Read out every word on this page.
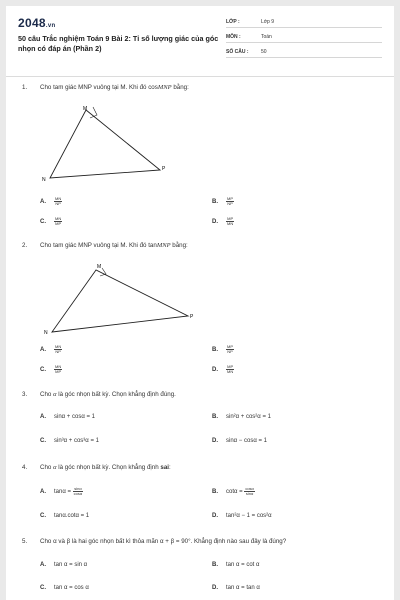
2048.vn
50 câu Trắc nghiệm Toán 9 Bài 2: Tỉ số lượng giác của góc
nhọn có đáp án (Phần 2)
LỚP :	Lớp 9
MÔN :	Toán
SỐ CÂU :	50
1. Cho tam giác MNP vuông tại M. Khi đó cosMNP bằng:
M
N
P
A. $\frac{MN}{NP}$	B. $\frac{MP}{NP}$
C. $\frac{MN}{MP}$	D. $\frac{MP}{MN}$
2. Cho tam giác MNP vuông tại M. Khi đó tanMNP bằng:
M
N
P
A. $\frac{MN}{NP}$	B. $\frac{MP}{NP}$
C. $\frac{MN}{MP}$	D. $\frac{MP}{MN}$
3. Cho α là góc nhọn bất kỳ. Chọn khẳng định đúng.
A. sinα + cosα = 1	B. sin²α + cos²α = 1
C. sin³α + cos³α = 1	D. sinα − cosα = 1
4. Cho α là góc nhọn bất kỳ. Chọn khẳng định sai:
A. $\tan\alpha = \frac{\sin\alpha}{\cos\alpha}$	B. $\cot\alpha = \frac{\cos\alpha}{\sin\alpha}$
C. tanα.cotα = 1	D. tan²α − 1 = cos²α
5. Cho α và β là hai góc nhọn bất kì thỏa mãn α + β = 90°. Khẳng định nào sau đây là đúng?
A. tan α = sin α	B. tan α = cot α
C. tan α = cos α	D. tan α = tan α
